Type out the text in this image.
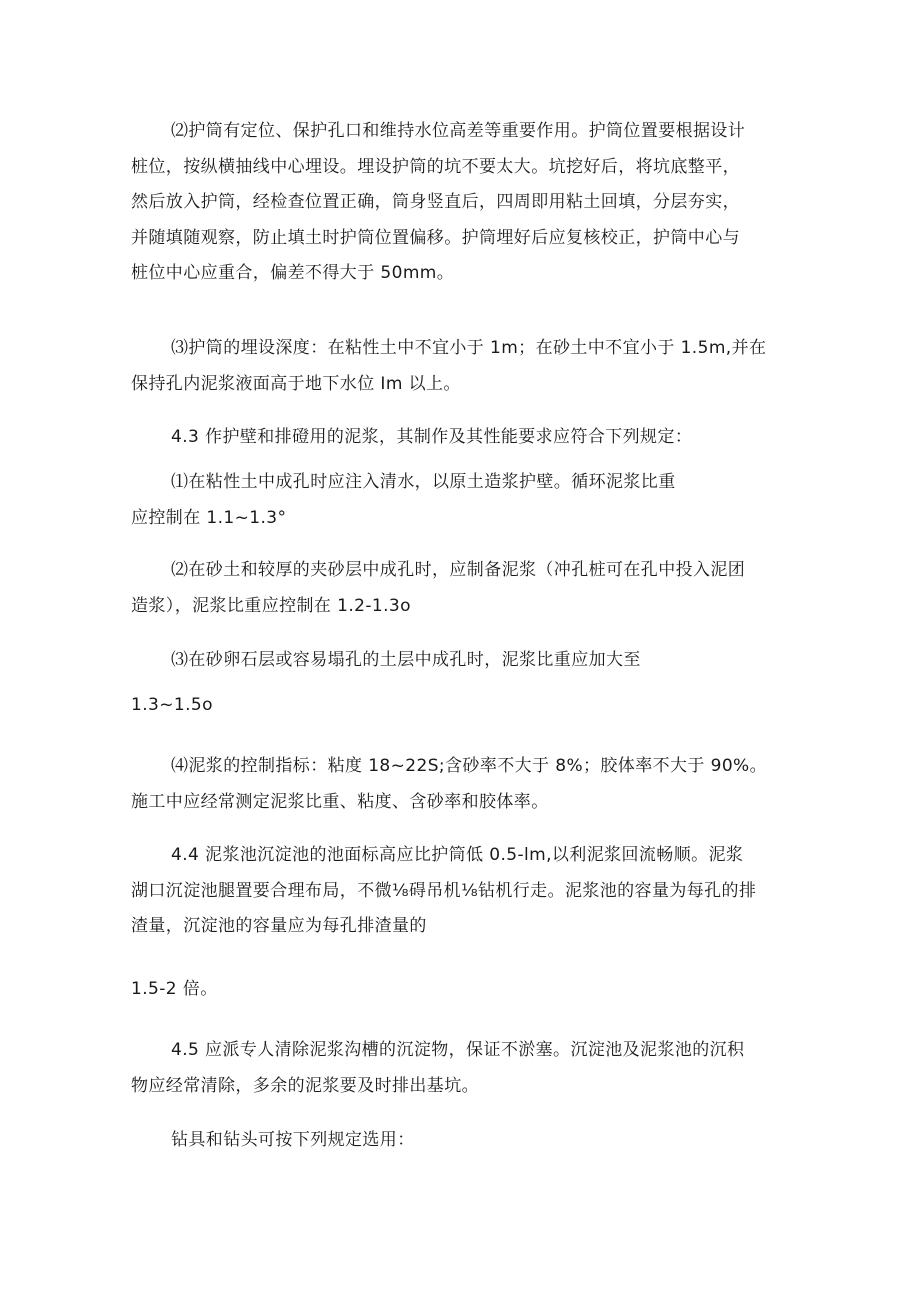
⑵护筒有定位、保护孔口和维持水位高差等重要作用。护筒位置要根据设计
桩位，按纵横抽线中心埋设。埋设护筒的坑不要太大。坑挖好后，将坑底整平，
然后放入护筒，经检查位置正确，筒身竖直后，四周即用粘土回填，分层夯实，
并随填随观察，防止填土时护筒位置偏移。护筒埋好后应复核校正，护筒中心与
桩位中心应重合，偏差不得大于 50mm。

⑶护筒的埋设深度：在粘性土中不宜小于 1m；在砂土中不宜小于 1.5m,并在
保持孔内泥浆液面高于地下水位 Im 以上。

4.3 作护壁和排磴用的泥浆，其制作及其性能要求应符合下列规定：

⑴在粘性土中成孔时应注入清水，以原土造浆护壁。循环泥浆比重
应控制在 1.1~1.3°

⑵在砂土和较厚的夹砂层中成孔时，应制备泥浆（冲孔桩可在孔中投入泥团
造浆），泥浆比重应控制在 1.2-1.3o

⑶在砂卵石层或容易塌孔的土层中成孔时，泥浆比重应加大至

1.3~1.5o

⑷泥浆的控制指标：粘度 18~22S;含砂率不大于 8%；胶体率不大于 90%。
施工中应经常测定泥浆比重、粘度、含砂率和胶体率。

4.4 泥浆池沉淀池的池面标高应比护筒低 0.5-lm,以利泥浆回流畅顺。泥浆
湖口沉淀池腿置要合理布局，不微⅛碍吊机⅛钻机行走。泥浆池的容量为每孔的排
渣量，沉淀池的容量应为每孔排渣量的

1.5-2 倍。

4.5 应派专人清除泥浆沟槽的沉淀物，保证不淤塞。沉淀池及泥浆池的沉积
物应经常清除，多余的泥浆要及时排出基坑。

钻具和钻头可按下列规定选用：
